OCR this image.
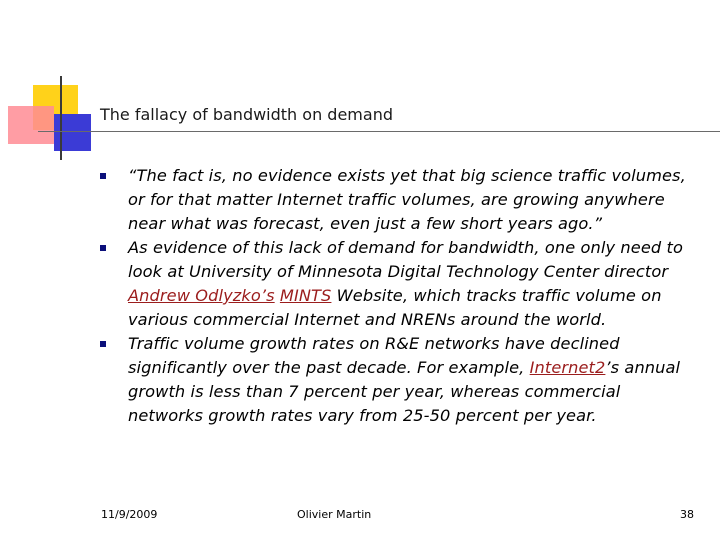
The fallacy of bandwidth on demand
“The fact is, no evidence exists yet that big science traffic volumes, or for that matter Internet traffic volumes, are growing anywhere near what was forecast, even just a few short years ago.”
As evidence of this lack of demand for bandwidth, one only need to look at University of Minnesota Digital Technology Center director Andrew Odlyzko’s MINTS Website, which tracks traffic volume on various commercial Internet and NRENs around the world.
Traffic volume growth rates on R&E networks have declined significantly over the past decade. For example, Internet2’s annual growth is less than 7 percent per year, whereas commercial networks growth rates vary from 25-50 percent per year.
11/9/2009	Olivier Martin	38
